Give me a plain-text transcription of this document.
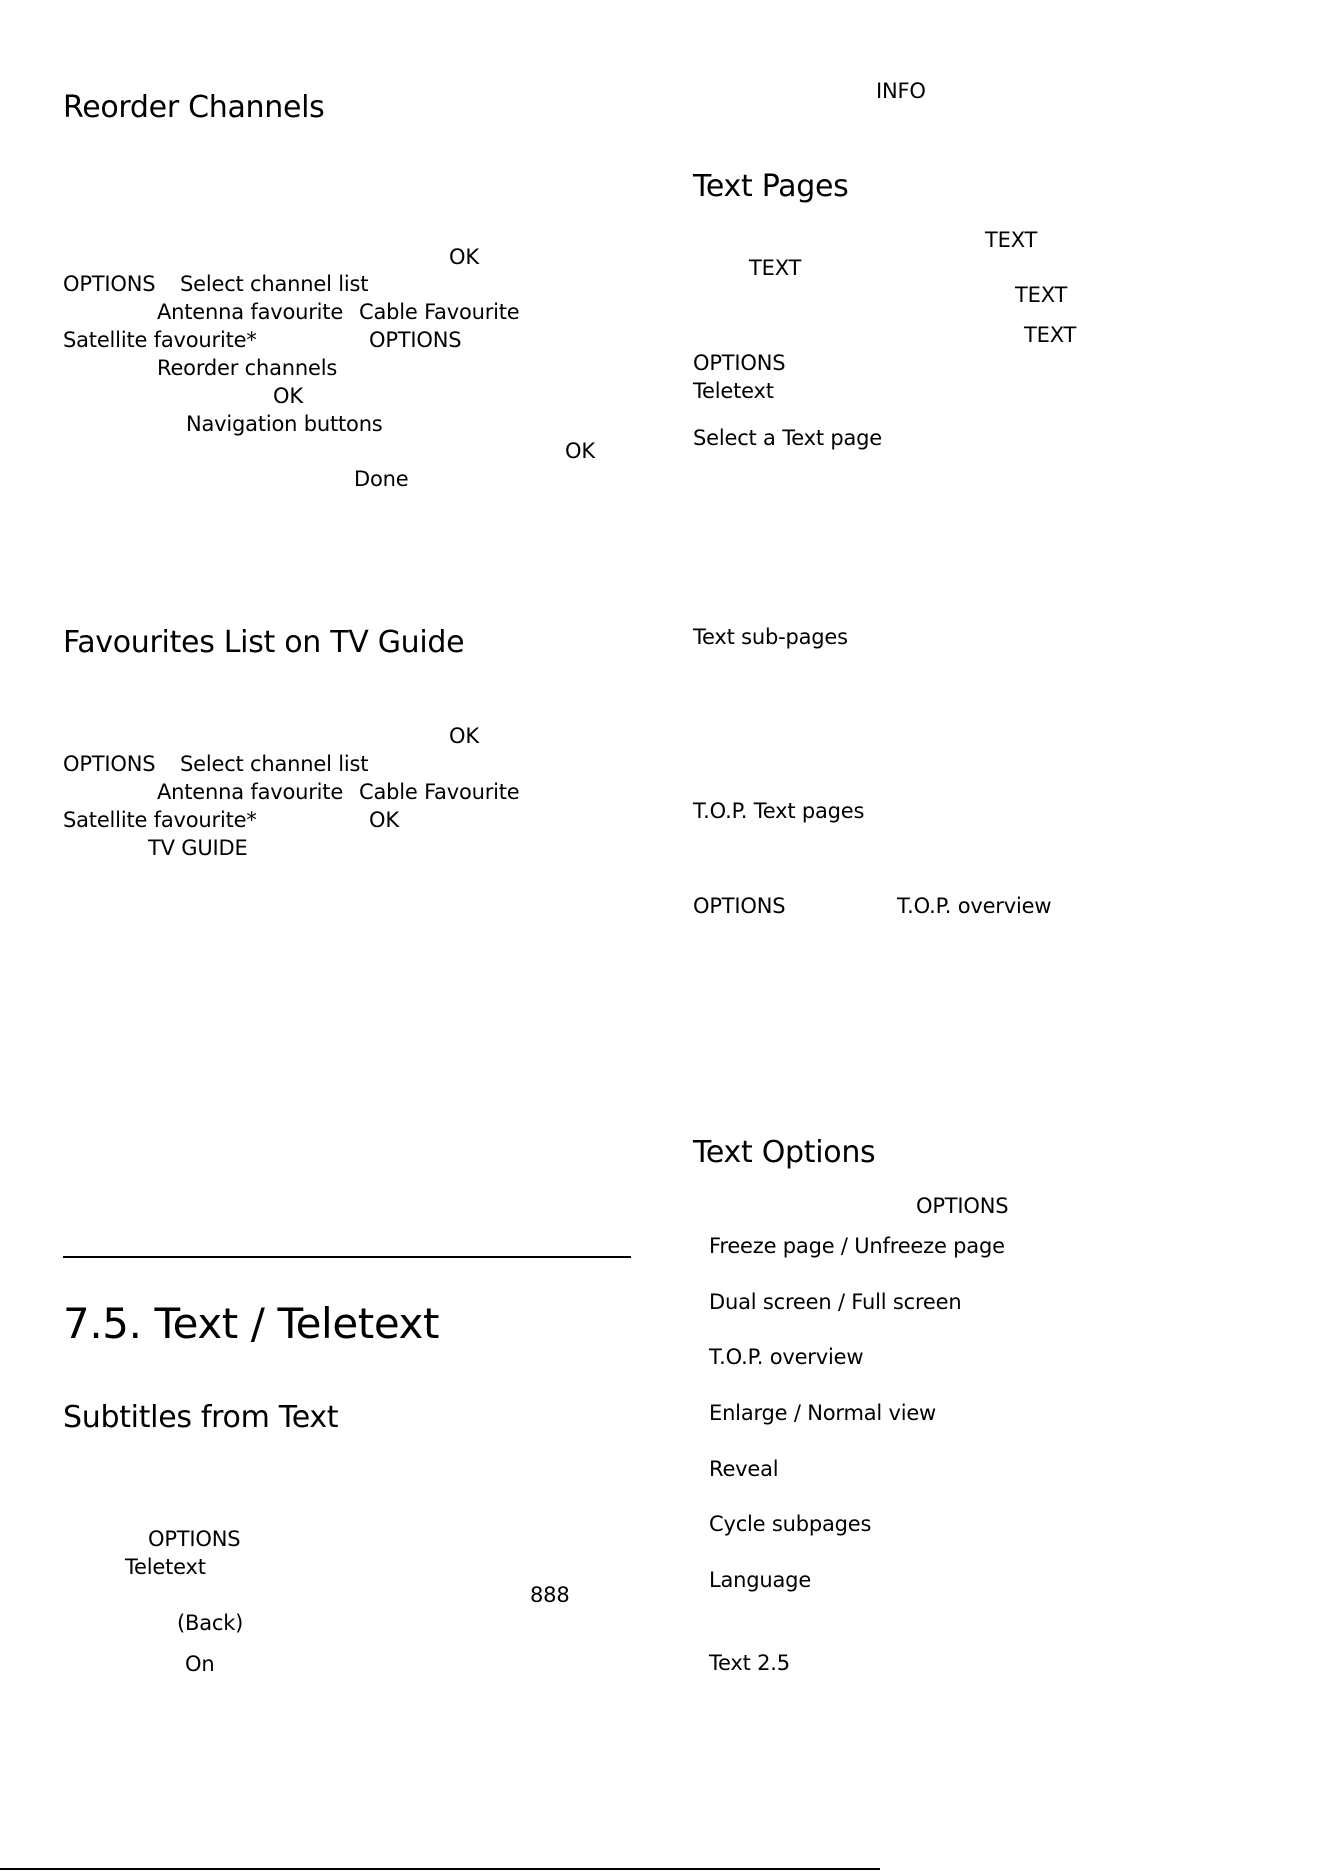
Reorder Channels
OK
OPTIONS Select channel list
Antenna favourite Cable Favourite
Satellite favourite*	OPTIONS
Reorder channels
OK
Navigation buttons
OK
Done
Favourites List on TV Guide
OK
OPTIONS Select channel list
Antenna favourite Cable Favourite
Satellite favourite*	OK
TV GUIDE
7.5. Text / Teletext
Subtitles from Text
OPTIONS
Teletext
888
(Back)
On
INFO
Text Pages
TEXT
TEXT
TEXT
TEXT
OPTIONS
Teletext
Select a Text page
Text sub-pages
T.O.P. Text pages
OPTIONS	T.O.P. overview
Text Options
OPTIONS
Freeze page / Unfreeze page
Dual screen / Full screen
T.O.P. overview
Enlarge / Normal view
Reveal
Cycle subpages
Language
Text 2.5
